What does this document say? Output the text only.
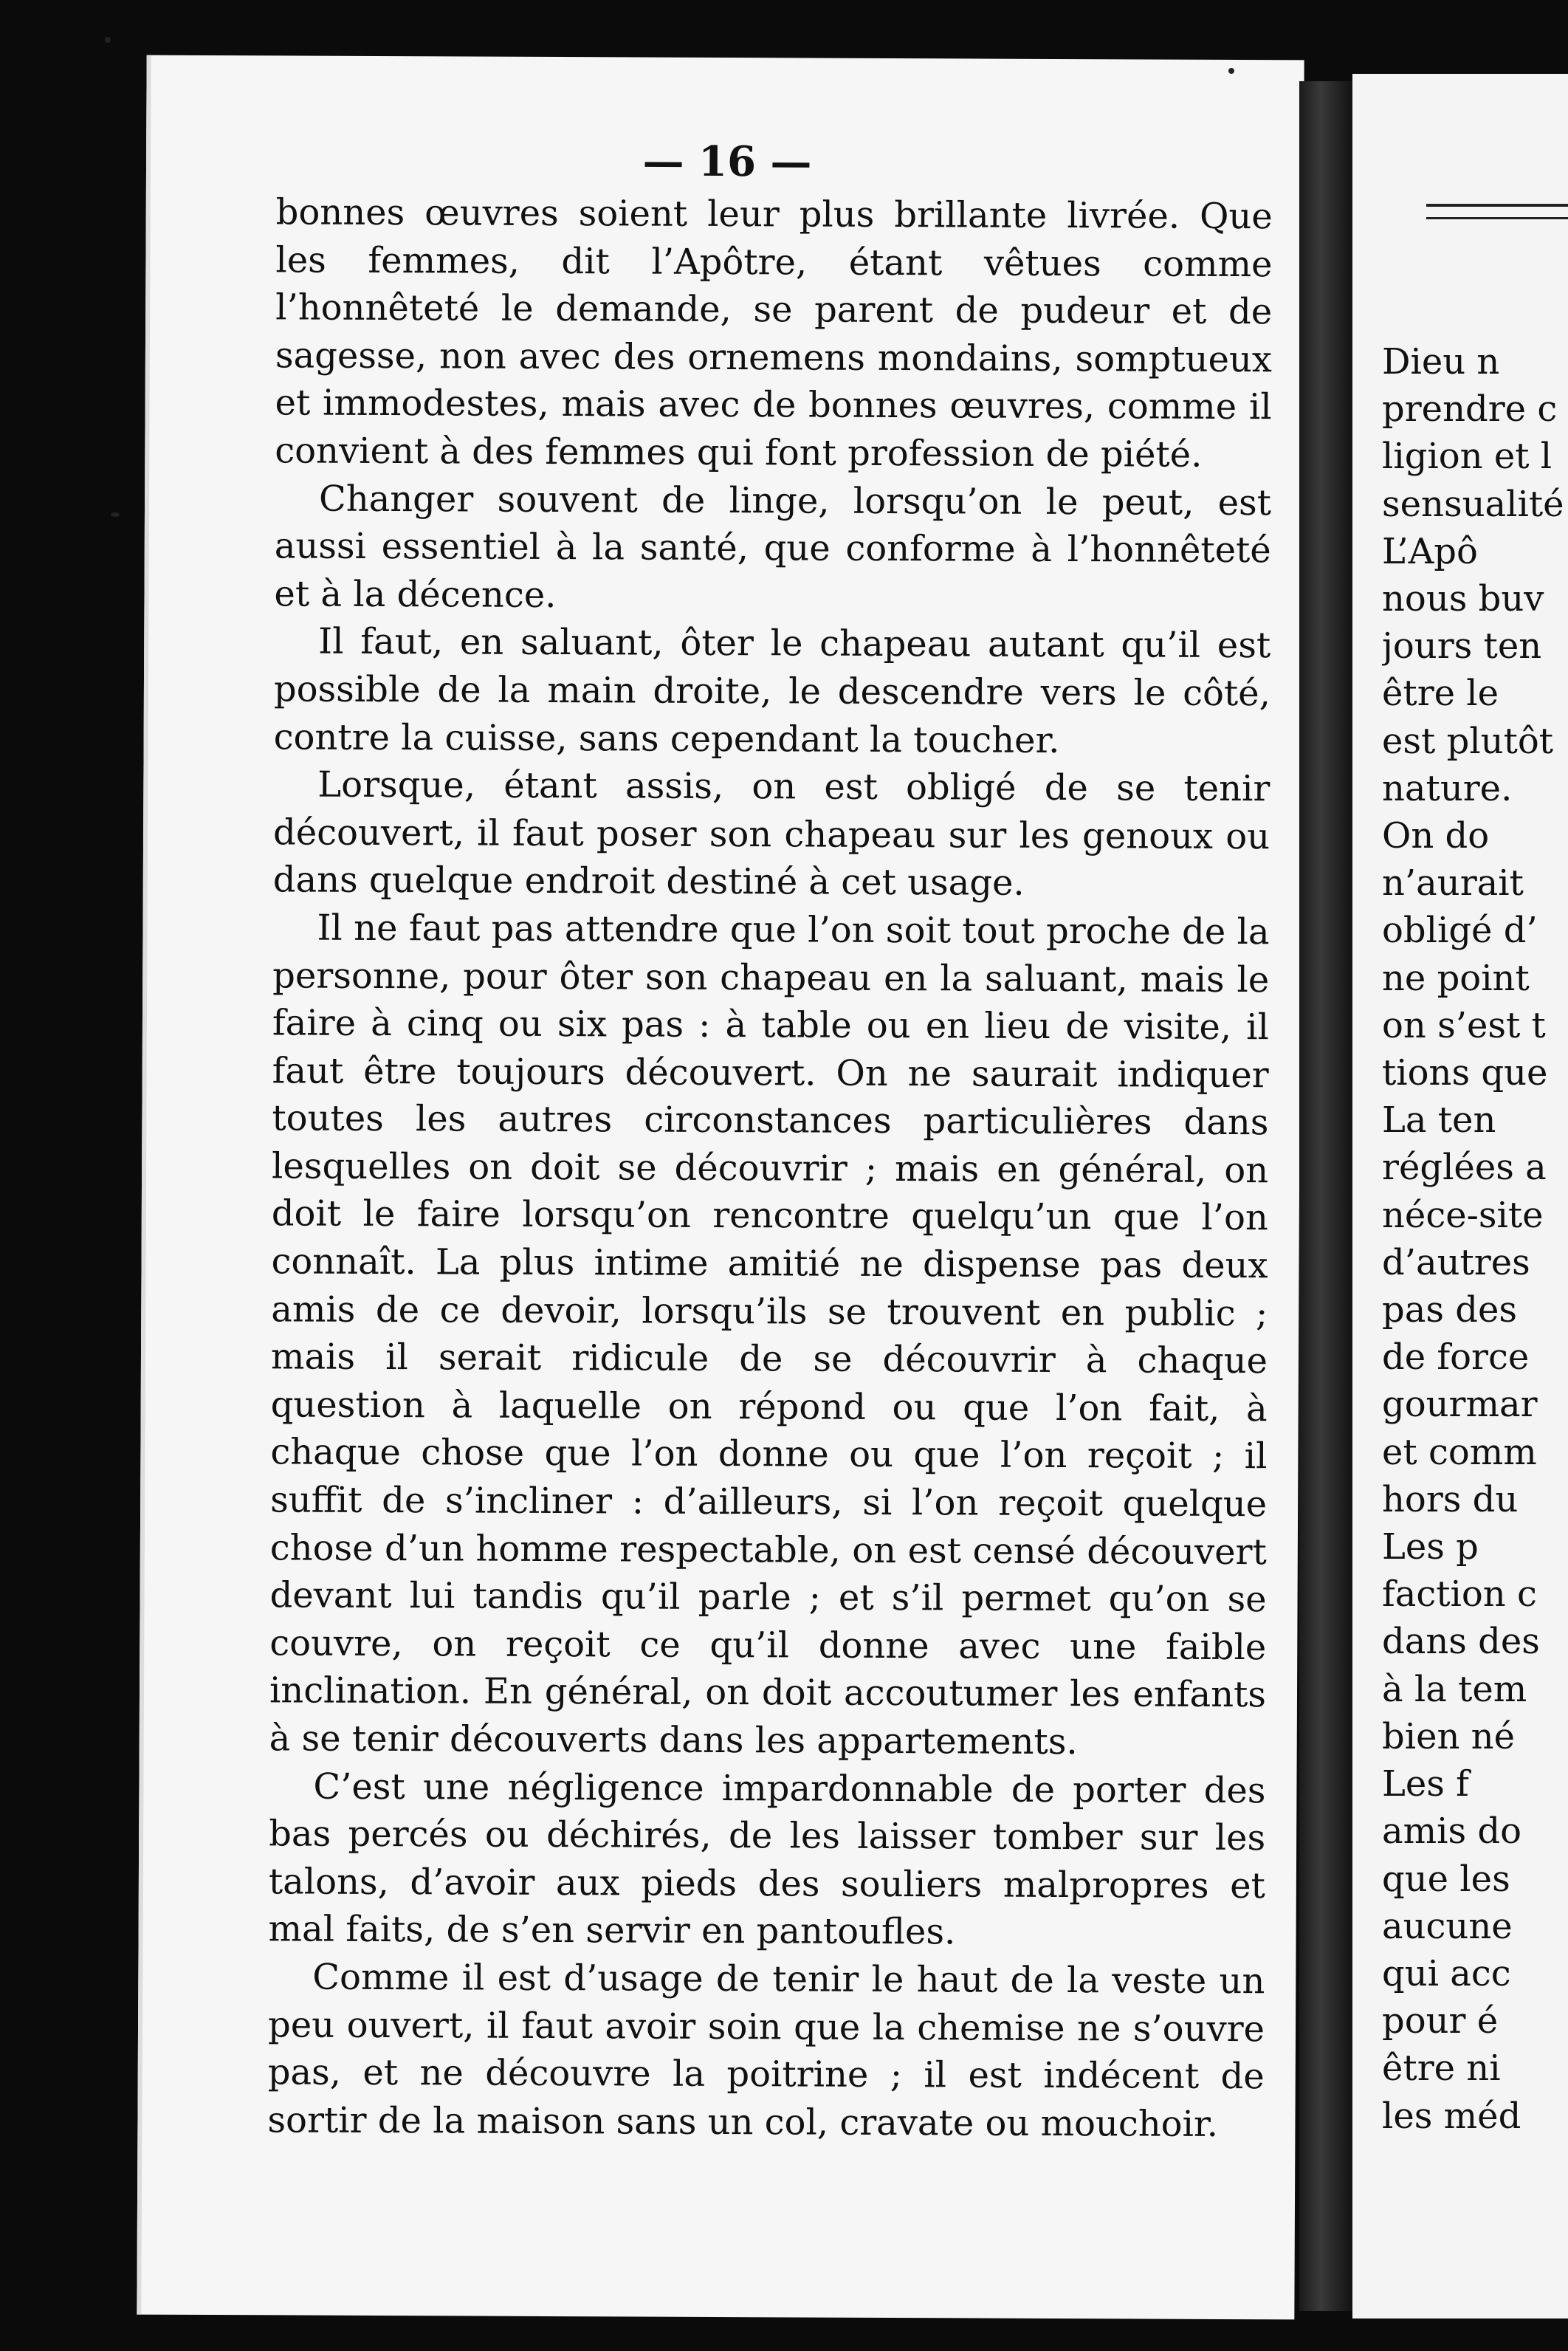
— 16 —

bonnes œuvres soient leur plus brillante livrée. Que les femmes, dit l’Apôtre, étant vêtues comme l’honnêteté le demande, se parent de pudeur et de sagesse, non avec des ornemens mondains, somptueux et immodestes, mais avec de bonnes œuvres, comme il convient à des femmes qui font profession de piété.

Changer souvent de linge, lorsqu’on le peut, est aussi essentiel à la santé, que conforme à l’honnêteté et à la décence.

Il faut, en saluant, ôter le chapeau autant qu’il est possible de la main droite, le descendre vers le côté, contre la cuisse, sans cependant la toucher.

Lorsque, étant assis, on est obligé de se tenir découvert, il faut poser son chapeau sur les genoux ou dans quelque endroit destiné à cet usage.

Il ne faut pas attendre que l’on soit tout proche de la personne, pour ôter son chapeau en la saluant, mais le faire à cinq ou six pas : à table ou en lieu de visite, il faut être toujours découvert. On ne saurait indiquer toutes les autres circonstances particulières dans lesquelles on doit se découvrir ; mais en général, on doit le faire lorsqu’on rencontre quelqu’un que l’on connaît. La plus intime amitié ne dispense pas deux amis de ce devoir, lorsqu’ils se trouvent en public ; mais il serait ridicule de se découvrir à chaque question à laquelle on répond ou que l’on fait, à chaque chose que l’on donne ou que l’on reçoit ; il suffit de s’incliner : d’ailleurs, si l’on reçoit quelque chose d’un homme respectable, on est censé découvert devant lui tandis qu’il parle ; et s’il permet qu’on se couvre, on reçoit ce qu’il donne avec une faible inclination. En général, on doit accoutumer les enfants à se tenir découverts dans les appartements.

C’est une négligence impardonnable de porter des bas percés ou déchirés, de les laisser tomber sur les talons, d’avoir aux pieds des souliers malpropres et mal faits, de s’en servir en pantoufles.

Comme il est d’usage de tenir le haut de la veste un peu ouvert, il faut avoir soin que la chemise ne s’ouvre pas, et ne découvre la poitrine ; il est indécent de sortir de la maison sans un col, cravate ou mouchoir.

Dieu n
prendre c
ligion et l
sensualité
L’Apô
nous buv
jours ten
être le
est plutôt
nature.
On do
n’aurait
obligé d’
ne point
on s’est t
tions que
La ten
réglées a
néce-site
d’autres
pas des
de force
gourmar
et comm
hors du
Les p
faction c
dans des
à la tem
bien né
Les f
amis do
que les
aucune
qui acc
pour é
être ni
les méd
